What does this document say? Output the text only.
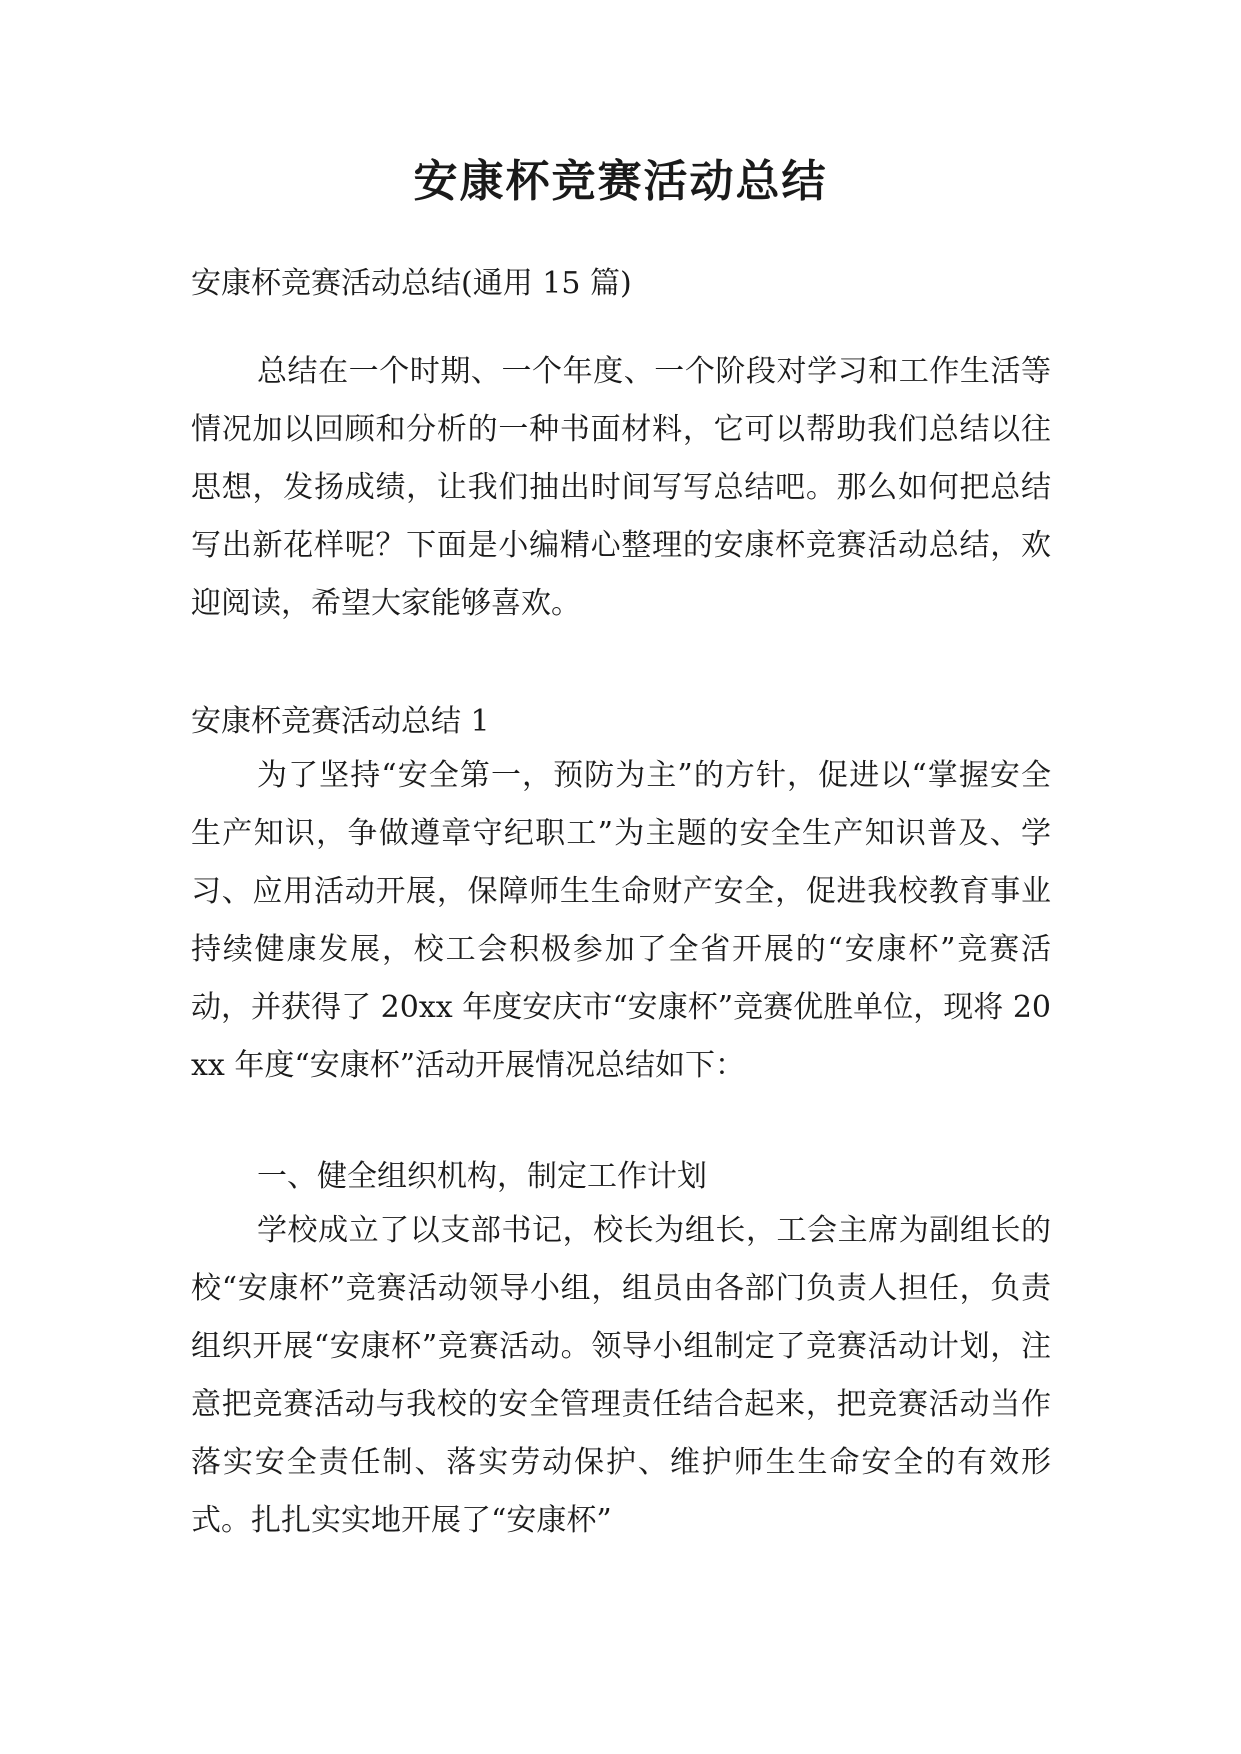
安康杯竞赛活动总结

安康杯竞赛活动总结(通用 15 篇)

总结在一个时期、一个年度、一个阶段对学习和工作生活等情况加以回顾和分析的一种书面材料，它可以帮助我们总结以往思想，发扬成绩，让我们抽出时间写写总结吧。那么如何把总结写出新花样呢？下面是小编精心整理的安康杯竞赛活动总结，欢迎阅读，希望大家能够喜欢。

安康杯竞赛活动总结 1

为了坚持“安全第一，预防为主”的方针，促进以“掌握安全生产知识，争做遵章守纪职工”为主题的安全生产知识普及、学习、应用活动开展，保障师生生命财产安全，促进我校教育事业持续健康发展，校工会积极参加了全省开展的“安康杯”竞赛活动，并获得了 20xx 年度安庆市“安康杯”竞赛优胜单位，现将 20xx 年度“安康杯”活动开展情况总结如下：

一、健全组织机构，制定工作计划

学校成立了以支部书记，校长为组长，工会主席为副组长的校“安康杯”竞赛活动领导小组，组员由各部门负责人担任，负责组织开展“安康杯”竞赛活动。领导小组制定了竞赛活动计划，注意把竞赛活动与我校的安全管理责任结合起来，把竞赛活动当作落实安全责任制、落实劳动保护、维护师生生命安全的有效形式。扎扎实实地开展了“安康杯”
